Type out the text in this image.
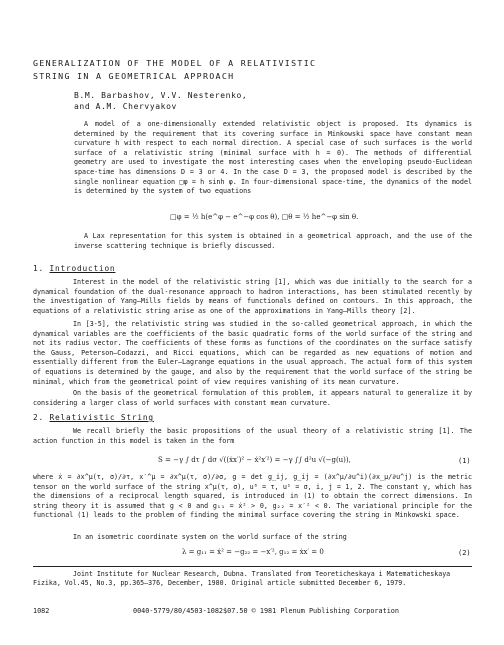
GENERALIZATION OF THE MODEL OF A RELATIVISTIC
STRING IN A GEOMETRICAL APPROACH
B.M. Barbashov, V.V. Nesterenko,
and A.M. Chervyakov
A model of a one-dimensionally extended relativistic object is proposed. Its dynamics is determined by the requirement that its covering surface in Minkowski space have constant mean curvature h with respect to each normal direction. A special case of such surfaces is the world surface of a relativistic string (minimal surface with h = 0). The methods of differential geometry are used to investigate the most interesting cases when the enveloping pseudo-Euclidean space-time has dimensions D = 3 or 4. In the case D = 3, the proposed model is described by the single nonlinear equation □φ = h sinh φ. In four-dimensional space-time, the dynamics of the model is determined by the system of two equations
□φ = ½ h(e^φ − e^−φ cos θ), □θ = ½ he^−φ sin θ.
A Lax representation for this system is obtained in a geometrical approach, and the use of the inverse scattering technique is briefly discussed.
1. Introduction
Interest in the model of the relativistic string [1], which was due initially to the search for a dynamical foundation of the dual-resonance approach to hadron interactions, has been stimulated recently by the investigation of Yang–Mills fields by means of functionals defined on contours. In this approach, the equations of a relativistic string arise as one of the approximations in Yang–Mills theory [2].
In [3-5], the relativistic string was studied in the so-called geometrical approach, in which the dynamical variables are the coefficients of the basic quadratic forms of the world surface of the string and not its radius vector. The coefficients of these forms as functions of the coordinates on the surface satisfy the Gauss, Peterson–Codazzi, and Ricci equations, which can be regarded as new equations of motion and essentially different from the Euler–Lagrange equations in the usual approach. The actual form of this system of equations is determined by the gauge, and also by the requirement that the world surface of the string be minimal, which from the geometrical point of view requires vanishing of its mean curvature.
On the basis of the geometrical formulation of this problem, it appears natural to generalize it by considering a larger class of world surfaces with constant mean curvature.
2. Relativistic String
We recall briefly the basic propositions of the usual theory of a relativistic string [1]. The action function in this model is taken in the form
S = −γ ∫ dτ ∫ dσ √((ẋx′)² − ẋ²x′²) = −γ ∫∫ d²u √(−g(u)),	(1)
where ẋ = ∂x^μ(τ, σ)/∂τ, x′^μ = ∂x^μ(τ, σ)/∂σ, g = det g_ij, g_ij = (∂x^μ/∂u^i)(∂x_μ/∂u^j) is the metric tensor on the world surface of the string x^μ(τ, σ), u⁰ = τ, u¹ = σ, i, j = 1, 2. The constant γ, which has the dimensions of a reciprocal length squared, is introduced in (1) to obtain the correct dimensions. In string theory it is assumed that g < 0 and g₁₁ = ẋ² > 0, g₂₂ = x′² < 0. The variational principle for the functional (1) leads to the problem of finding the minimal surface covering the string in Minkowski space.
In an isometric coordinate system on the world surface of the string
λ = g₁₁ = ẋ² = −g₂₂ = −x′², g₁₂ = ẋx′ = 0	(2)
Joint Institute for Nuclear Research, Dubna. Translated from Teoreticheskaya i Matematicheskaya
Fizika, Vol.45, No.3, pp.365–376, December, 1980. Original article submitted December 6, 1979.
1082	0040-5779/80/4503-1082$07.50 © 1981 Plenum Publishing Corporation
